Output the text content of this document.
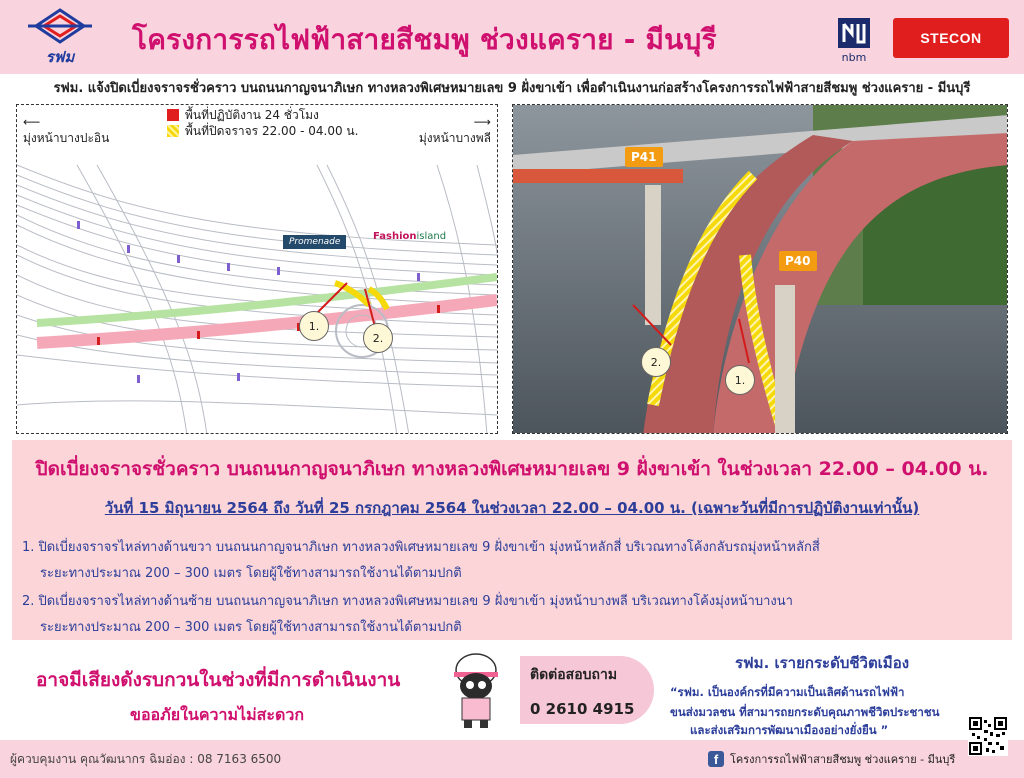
รฟม
โครงการรถไฟฟ้าสายสีชมพู ช่วงแคราย - มีนบุรี
nbm
STECON
รฟม. แจ้งปิดเบี่ยงจราจรชั่วคราว บนถนนกาญจนาภิเษก ทางหลวงพิเศษหมายเลข 9 ฝั่งขาเข้า เพื่อดำเนินงานก่อสร้างโครงการรถไฟฟ้าสายสีชมพู ช่วงแคราย - มีนบุรี
⟵
มุ่งหน้าบางปะอิน
⟶
มุ่งหน้าบางพลี
พื้นที่ปฏิบัติงาน 24 ชั่วโมง
พื้นที่ปิดจราจร 22.00 - 04.00 น.
Promenade	Fashionisland
1.
2.
P41
P40
2.
1.
ปิดเบี่ยงจราจรชั่วคราว บนถนนกาญจนาภิเษก ทางหลวงพิเศษหมายเลข 9 ฝั่งขาเข้า ในช่วงเวลา 22.00 – 04.00 น.
วันที่ 15 มิถุนายน 2564 ถึง วันที่ 25 กรกฎาคม 2564 ในช่วงเวลา 22.00 – 04.00 น. (เฉพาะวันที่มีการปฏิบัติงานเท่านั้น)
1. ปิดเบี่ยงจราจรไหล่ทางด้านขวา บนถนนกาญจนาภิเษก ทางหลวงพิเศษหมายเลข 9 ฝั่งขาเข้า มุ่งหน้าหลักสี่ บริเวณทางโค้งกลับรถมุ่งหน้าหลักสี่
ระยะทางประมาณ 200 – 300 เมตร โดยผู้ใช้ทางสามารถใช้งานได้ตามปกติ
2. ปิดเบี่ยงจราจรไหล่ทางด้านซ้าย บนถนนกาญจนาภิเษก ทางหลวงพิเศษหมายเลข 9 ฝั่งขาเข้า มุ่งหน้าบางพลี บริเวณทางโค้งมุ่งหน้าบางนา
ระยะทางประมาณ 200 – 300 เมตร โดยผู้ใช้ทางสามารถใช้งานได้ตามปกติ
อาจมีเสียงดังรบกวนในช่วงที่มีการดำเนินงาน
ขออภัยในความไม่สะดวก
ติดต่อสอบถาม
0 2610 4915
รฟม. เรายกระดับชีวิตเมือง
“รฟม. เป็นองค์กรที่มีความเป็นเลิศด้านรถไฟฟ้า
ขนส่งมวลชน ที่สามารถยกระดับคุณภาพชีวิตประชาชน
และส่งเสริมการพัฒนาเมืองอย่างยั่งยืน ”
ผู้ควบคุมงาน คุณวัฒนากร ฉิมอ่อง : 08 7163 6500	f	โครงการรถไฟฟ้าสายสีชมพู ช่วงแคราย - มีนบุรี
